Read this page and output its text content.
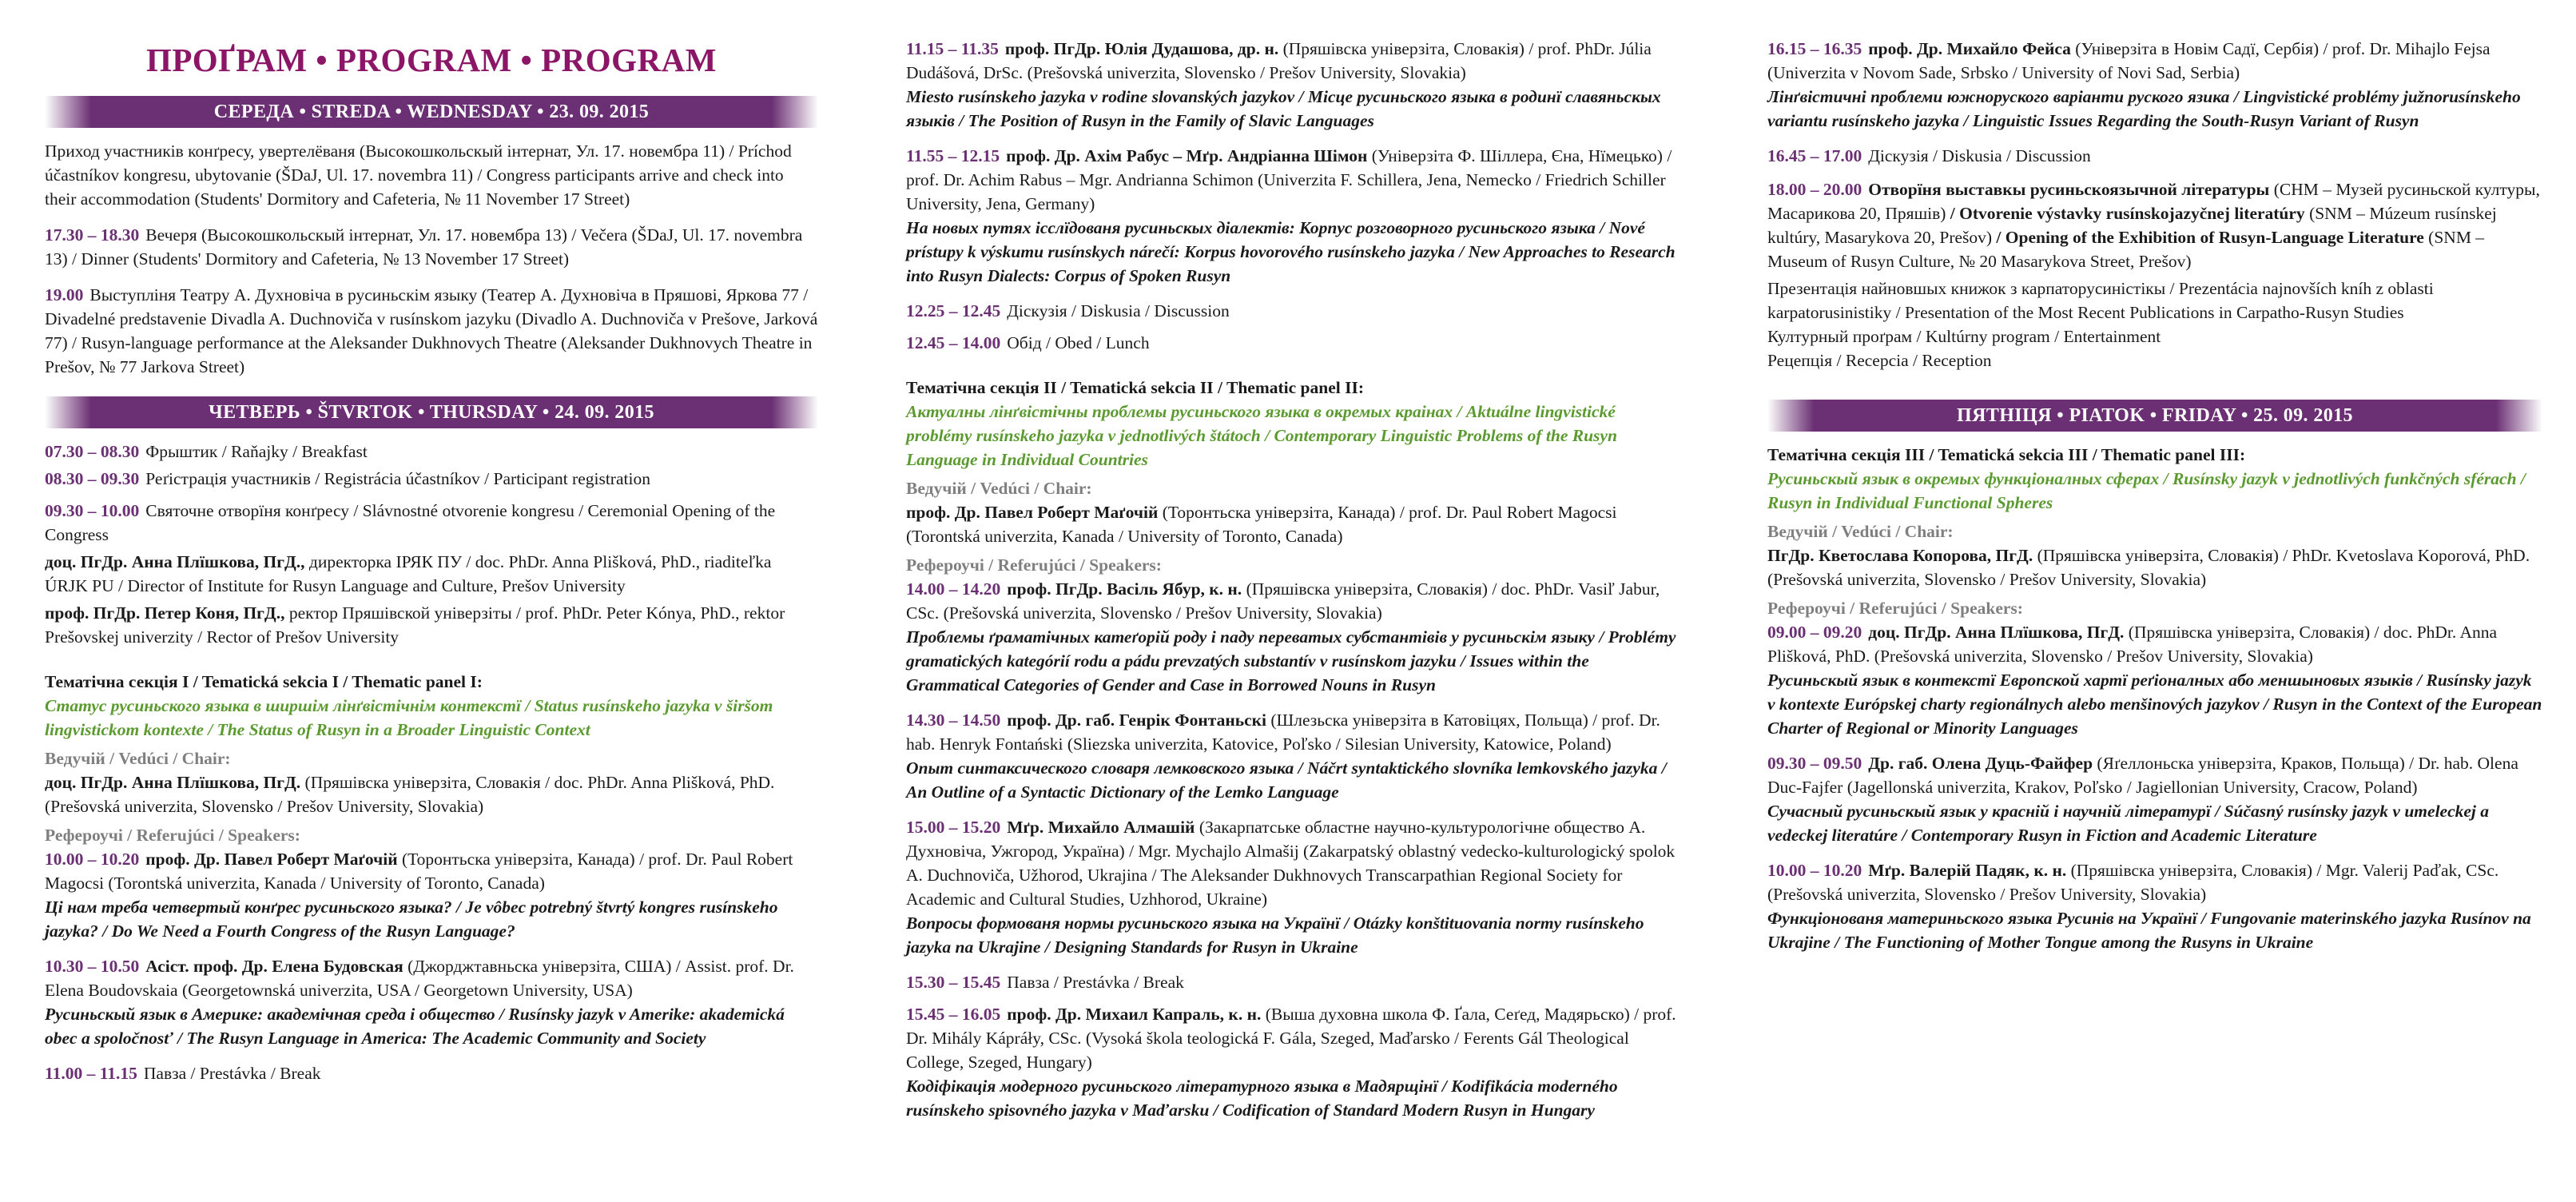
ПРОҐРАМ • PROGRAM • PROGRAM
СЕРЕДА • STREDA • WEDNESDAY • 23. 09. 2015
Приход участників конґресу, увертелёваня (Высокошкольскый інтернат, Ул. 17. новембра 11) / Príchod účastníkov kongresu, ubytovanie (ŠDaJ, Ul. 17. novembra 11) / Congress participants arrive and check into their accommodation (Students' Dormitory and Cafeteria, № 11 November 17 Street)
17.30 – 18.30 Вечеря (Высокошкольскый інтернат, Ул. 17. новембра 13) / Večera (ŠDaJ, Ul. 17. novembra 13) / Dinner (Students' Dormitory and Cafeteria, № 13 November 17 Street)
19.00 Выступліня Театру А. Духновіча в русиньскім языку (Театер А. Духновіча в Пряшові, Яркова 77 / Divadelné predstavenie Divadla A. Duchnoviča v rusínskom jazyku (Divadlo A. Duchnoviča v Prešove, Jarková 77) / Rusyn-language performance at the Aleksander Dukhnovych Theatre (Aleksander Dukhnovych Theatre in Prešov, № 77 Jarkova Street)
ЧЕТВЕРЬ • ŠTVRTOK • THURSDAY • 24. 09. 2015
07.30 – 08.30 Фрыштик / Raňajky / Breakfast
08.30 – 09.30 Реґістрація участників / Registrácia účastníkov / Participant registration
09.30 – 10.00 Святочне отворїня конґресу / Slávnostné otvorenie kongresu / Ceremonial Opening of the Congress
доц. ПгДр. Анна Плїшкова, ПгД., директорка ІРЯК ПУ / doc. PhDr. Anna Plišková, PhD., riaditeľka ÚRJK PU / Director of Institute for Rusyn Language and Culture, Prešov University
проф. ПгДр. Петер Коня, ПгД., ректор Пряшівской універзіты / prof. PhDr. Peter Kónya, PhD., rektor Prešovskej univerzity / Rector of Prešov University
Тематічна секція I / Tematická sekcia I / Thematic panel I:
Статус русиньского языка в ширшім лінґвістічнім контекстї / Status rusínskeho jazyka v širšom lingvistickom kontexte / The Status of Rusyn in a Broader Linguistic Context
Ведучій / Vedúci / Chair:
доц. ПгДр. Анна Плїшкова, ПгД. (Пряшівска універзіта, Словакія / doc. PhDr. Anna Plišková, PhD. (Prešovská univerzita, Slovensko / Prešov University, Slovakia)
Рефероучі / Referujúci / Speakers:
10.00 – 10.20 проф. Др. Павел Роберт Маґочій (Торонтьска універзіта, Канада) / prof. Dr. Paul Robert Magocsi (Torontská univerzita, Kanada / University of Toronto, Canada)
Ці нам треба четвертый конґрес русиньского языка? / Je vôbec potrebný štvrtý kongres rusínskeho jazyka? / Do We Need a Fourth Congress of the Rusyn Language?
10.30 – 10.50 Асіст. проф. Др. Елена Будовская (Джорджтавньска універзіта, США) / Assist. prof. Dr. Elena Boudovskaia (Georgetownská univerzita, USA / Georgetown University, USA)
Русиньскый язык в Америкe: академічная среда і общество / Rusínsky jazyk v Amerike: akademická obec a spoločnosť / The Rusyn Language in America: The Academic Community and Society
11.00 – 11.15 Павза / Prestávka / Break
11.15 – 11.35 проф. ПгДр. Юлія Дудашова, др. н. (Пряшівска універзіта, Словакія) / prof. PhDr. Júlia Dudášová, DrSc. (Prešovská univerzita, Slovensko / Prešov University, Slovakia)
Miesto rusínskeho jazyka v rodine slovanských jazykov / Місце русиньского языка в родинї славяньскых языків / The Position of Rusyn in the Family of Slavic Languages
11.55 – 12.15 проф. Др. Ахім Рабус – Мґр. Андріанна Шімон (Універзіта Ф. Шіллера, Єна, Нїмецько) / prof. Dr. Achim Rabus – Mgr. Andrianna Schimon (Univerzita F. Schillera, Jena, Nemecko / Friedrich Schiller University, Jena, Germany)
На новых путях ісcлїдованя русиньскых діалектів: Корпус розговорного русиньского языка / Nové prístupy k výskumu rusínskych nárečí: Korpus hovorového rusínskeho jazyka / New Approaches to Research into Rusyn Dialects: Corpus of Spoken Rusyn
12.25 – 12.45 Діскузія / Diskusia / Discussion
12.45 – 14.00 Обід / Obed / Lunch
Тематічна секція II / Tematická sekcia II / Thematic panel II:
Актуалны лінґвістічны проблемы русиньского языка в окремых краінах / Aktuálne lingvistické problémy rusínskeho jazyka v jednotlivých štátoch / Contemporary Linguistic Problems of the Rusyn Language in Individual Countries
Ведучій / Vedúci / Chair:
проф. Др. Павел Роберт Маґочій (Торонтьска універзіта, Канада) / prof. Dr. Paul Robert Magocsi (Torontská univerzita, Kanada / University of Toronto, Canada)
Рефероучі / Referujúci / Speakers:
14.00 – 14.20 проф. ПгДр. Васіль Ябур, к. н. (Пряшівска універзіта, Словакія) / doc. PhDr. Vasiľ Jabur, CSc. (Prešovská univerzita, Slovensko / Prešov University, Slovakia)
Проблемы ґраматічных катеґорій роду і паду переватых субстантівів у русиньскім языку / Problémy gramatických kategórií rodu a pádu prevzatých substantív v rusínskom jazyku / Issues within the Grammatical Categories of Gender and Case in Borrowed Nouns in Rusyn
14.30 – 14.50 проф. Др. габ. Генрік Фонтаньскі (Шлезьска універзіта в Катовіцях, Польща) / prof. Dr. hab. Henryk Fontański (Sliezska univerzita, Katovice, Poľsko / Silesian University, Katowice, Poland)
Опыт синтаксического словаря лемковского языка / Náčrt syntaktického slovníka lemkovského jazyka / An Outline of a Syntactic Dictionary of the Lemko Language
15.00 – 15.20 Мґр. Михайло Алмашій (Закарпатське областне научно-культурологічне общество А. Духновіча, Ужгород, Україна) / Mgr. Mychajlo Almašij (Zakarpatský oblastný vedecko-kulturologický spolok A. Duchnoviča, Užhorod, Ukrajina / The Aleksander Dukhnovych Transcarpathian Regional Society for Academic and Cultural Studies, Uzhhorod, Ukraine)
Вопросы формованя нормы русиньского языка на Українї / Otázky konštituovania normy rusínskeho jazyka na Ukrajine / Designing Standards for Rusyn in Ukraine
15.30 – 15.45 Павза / Prestávka / Break
15.45 – 16.05 проф. Др. Михаил Капраль, к. н. (Выша духовна школа Ф. Ґала, Сеґед, Мадярьско) / prof. Dr. Mihály Kápráły, CSc. (Vysoká škola teologická F. Gála, Szeged, Maďarsko / Ferents Gál Theological College, Szeged, Hungary)
Кодіфікація модерного русиньского літературного языка в Мадярщінї / Kodifikácia moderného rusínskeho spisovného jazyka v Maďarsku / Codification of Standard Modern Rusyn in Hungary
16.15 – 16.35 проф. Др. Михайло Фейса (Універзіта в Новім Садї, Сербія) / prof. Dr. Mihajlo Fejsa (Univerzita v Novom Sade, Srbsko / University of Novi Sad, Serbia)
Лінґвістичні проблеми южноруского варіанти руского язика / Lingvistické problémy južnorusínskeho variantu rusínskeho jazyka / Linguistic Issues Regarding the South-Rusyn Variant of Rusyn
16.45 – 17.00 Діскузія / Diskusia / Discussion
18.00 – 20.00 Отворїня выставкы русиньскоязычной літературы (СНМ – Музей русиньской културы, Масарикова 20, Пряшів) / Otvorenie výstavky rusínskojazyčnej literatúry (SNM – Múzeum rusínskej kultúry, Masarykova 20, Prešov) / Opening of the Exhibition of Rusyn-Language Literature (SNM – Museum of Rusyn Culture, № 20 Masarykova Street, Prešov)
Презентація найновшых книжок з карпаторусиністікы / Prezentácia najnovších kníh z oblasti karpatorusinistiky / Presentation of the Most Recent Publications in Carpatho-Rusyn Studies
Културный проґрам / Kultúrny program / Entertainment
Рецепція / Recepcia / Reception
ПЯТНІЦЯ • PIATOK • FRIDAY • 25. 09. 2015
Тематічна секція III / Tematická sekcia III / Thematic panel III:
Русиньскый язык в окремых функціоналных сферах / Rusínsky jazyk v jednotlivých funkčných sférach / Rusyn in Individual Functional Spheres
Ведучій / Vedúci / Chair:
ПгДр. Кветослава Копорова, ПгД. (Пряшівска універзіта, Словакія) / PhDr. Kvetoslava Koporová, PhD. (Prešovská univerzita, Slovensko / Prešov University, Slovakia)
Рефероучі / Referujúci / Speakers:
09.00 – 09.20 доц. ПгДр. Анна Плїшкова, ПгД. (Пряшівска універзіта, Словакія) / doc. PhDr. Anna Plišková, PhD. (Prešovská univerzita, Slovensko / Prešov University, Slovakia)
Русиньскый язык в контекстї Европской хартї реґіоналных або меншыновых языків / Rusínsky jazyk v kontexte Európskej charty regionálnych alebo menšinových jazykov / Rusyn in the Context of the European Charter of Regional or Minority Languages
09.30 – 09.50 Др. габ. Олена Дуць-Файфер (Яґеллоньска універзіта, Краков, Польща) / Dr. hab. Olena Duc-Fajfer (Jagellonská univerzita, Krakov, Poľsko / Jagiellonian University, Cracow, Poland)
Сучасный русиньскый язык у красній і научній літературї / Súčasný rusínsky jazyk v umeleckej a vedeckej literatúre / Contemporary Rusyn in Fiction and Academic Literature
10.00 – 10.20 Мґр. Валерій Падяк, к. н. (Пряшівска універзіта, Словакія) / Mgr. Valerij Paďak, CSc. (Prešovská univerzita, Slovensko / Prešov University, Slovakia)
Функціонованя материньского языка Русинів на Українї / Fungovanie materinského jazyka Rusínov na Ukrajine / The Functioning of Mother Tongue among the Rusyns in Ukraine
